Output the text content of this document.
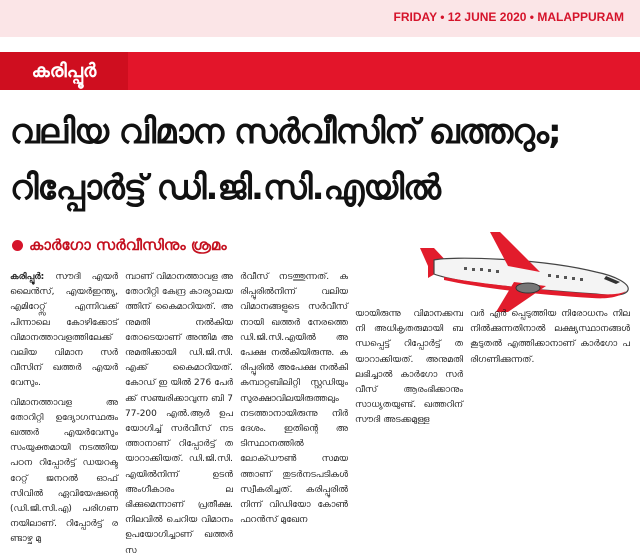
FRIDAY • 12 JUNE 2020 • MALAPPURAM
കരിപ്പൂർ
വലിയ വിമാന സർവീസിന് ഖത്തറും;
റിപ്പോർട്ട് ഡി.ജി.സി.എയിൽ
കാർഗോ സർവീസിനും ശ്രമം

കരിപ്പൂർ: സൗദി എയർലൈൻസ്, എയർഇന്ത്യ, എമിറേറ്റ്സ് എന്നിവക്ക് പിന്നാലെ കോഴിക്കോട് വിമാനത്താവളത്തിലേക്ക് വലിയ വിമാന സർവീസിന് ഖത്തർ എയർവേസും.

വിമാനത്താവള അതോറിറ്റി ഉദ്യോഗസ്ഥരും ഖത്തർ എയർവേസും സംയുക്തമായി നടത്തിയ പഠന റിപ്പോർട്ട് ഡയറക്ടറേറ്റ് ജനറൽ ഓഫ് സിവിൽ ഏവിയേഷന്റെ (ഡി.ജി.സി.എ) പരിഗണനയിലാണ്. റിപ്പോർട്ട് രണ്ടാഴ്ച മു

മ്പാണ് വിമാനത്താവള അതോറിറ്റി കേന്ദ്ര കാര്യാലയത്തിന് കൈമാറിയത്. അനുമതി നൽകിയതോടെയാണ് അന്തിമ അനുമതിക്കായി ഡി.ജി.സി.എക്ക് കൈമാറിയത്. കോഡ് ഇ യിൽ 276 പേർക്ക് സഞ്ചരിക്കാവുന്ന ബി 777-200 എൽ.ആർ ഉപയോഗിച്ച് സർവീസ് നടത്താനാണ് റിപ്പോർട്ട് തയാറാക്കിയത്. ഡി.ജി.സി.എയിൽനിന്ന് ഉടൻ അംഗീകാരം ലഭിക്കുമെന്നാണ് പ്രതീക്ഷ. നിലവിൽ ചെറിയ വിമാനം ഉപയോഗിച്ചാണ് ഖത്തർ സ

ർവീസ് നടത്തുന്നത്. കരിപ്പൂരിൽനിന്ന് വലിയ വിമാനങ്ങളുടെ സർവീസ് നായി ഖത്തർ നേരത്തെ ഡി.ജി.സി.എയിൽ അപേക്ഷ നൽകിയിരുന്നു. കരിപ്പൂരിൽ അപേക്ഷ നൽകി കമ്പാറ്റബിലിറ്റി സ്റ്റഡിയും സുരക്ഷാവിലയിരുത്തലും നടത്താനായിരുന്നു നിർദേശം. ഇതിന്റെ അടിസ്ഥാനത്തിൽ ലോക്ഡൗൺ സമയത്താണ് തുടർനടപടികൾ സ്വീകരിച്ചത്. കരിപ്പൂരിൽനിന്ന് വിഡിയോ കോൺഫറൻസ് മുഖേന

യായിരുന്നു വിമാനക്കമ്പനി അധികൃതരുമായി ബന്ധപ്പെട്ട് റിപ്പോർട്ട് തയാറാക്കിയത്. അനുമതി ലഭിച്ചാൽ കാർഗോ സർവീസ് ആരംഭിക്കാനും സാധ്യതയുണ്ട്. ഖത്തറിന് സൗദി അടക്കമുള്ള

വർ എർ പ്പെടുത്തിയ നിരോധനം നിലനിൽക്കുന്നതിനാൽ ലക്ഷ്യസ്ഥാനങ്ങൾ കൂടുതൽ എത്തിക്കാനാണ് കാർഗോ പരിഗണിക്കുന്നത്.
